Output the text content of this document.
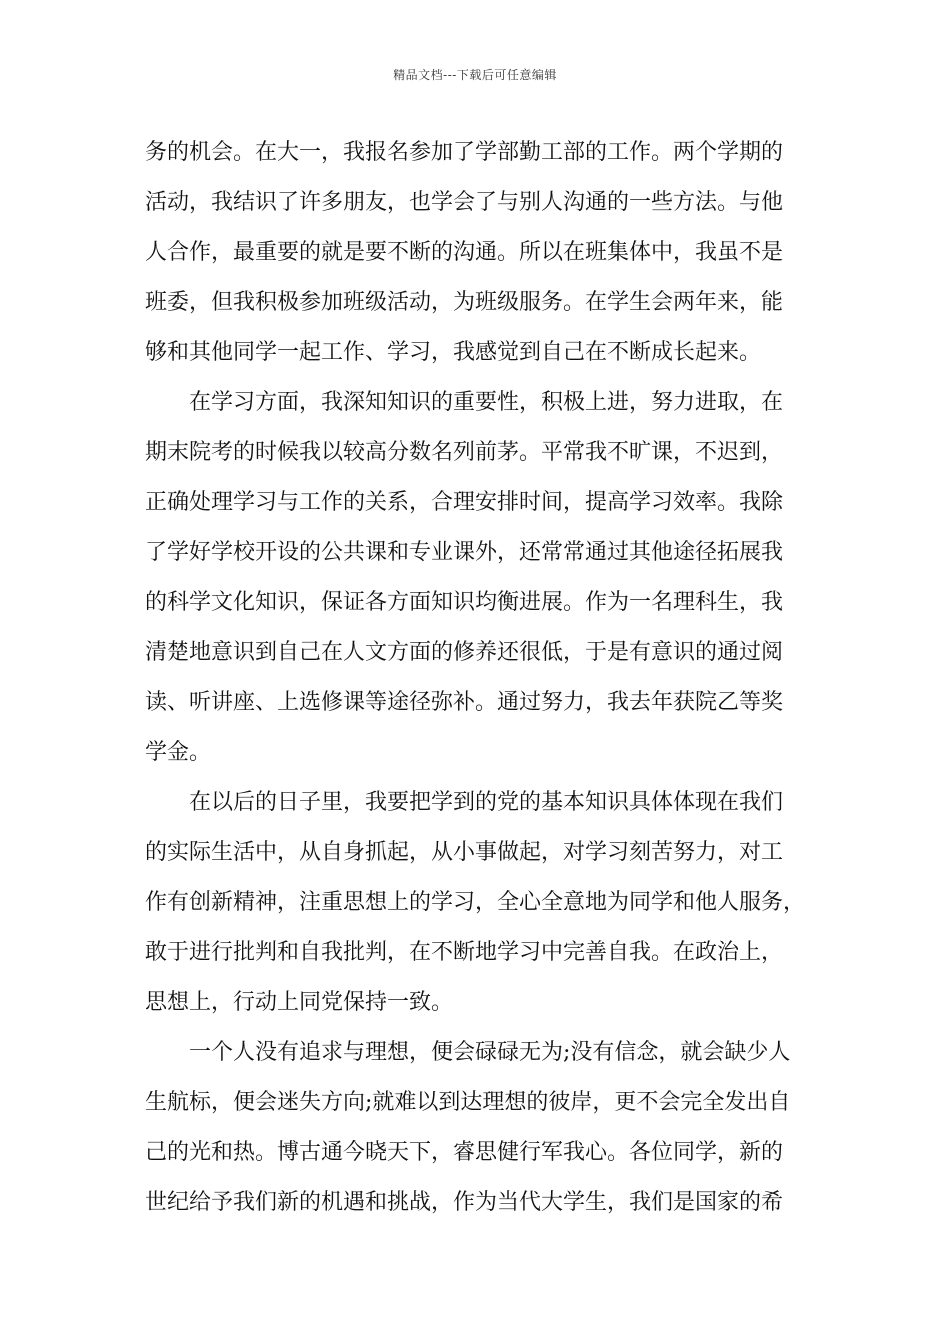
精品文档---下载后可任意编辑
务的机会。在大一，我报名参加了学部勤工部的工作。两个学期的
活动，我结识了许多朋友，也学会了与别人沟通的一些方法。与他
人合作，最重要的就是要不断的沟通。所以在班集体中，我虽不是
班委，但我积极参加班级活动，为班级服务。在学生会两年来，能
够和其他同学一起工作、学习，我感觉到自己在不断成长起来。
在学习方面，我深知知识的重要性，积极上进，努力进取，在
期末院考的时候我以较高分数名列前茅。平常我不旷课，不迟到，
正确处理学习与工作的关系，合理安排时间，提高学习效率。我除
了学好学校开设的公共课和专业课外，还常常通过其他途径拓展我
的科学文化知识，保证各方面知识均衡进展。作为一名理科生，我
清楚地意识到自己在人文方面的修养还很低，于是有意识的通过阅
读、听讲座、上选修课等途径弥补。通过努力，我去年获院乙等奖
学金。
在以后的日子里，我要把学到的党的基本知识具体体现在我们
的实际生活中，从自身抓起，从小事做起，对学习刻苦努力，对工
作有创新精神，注重思想上的学习，全心全意地为同学和他人服务，
敢于进行批判和自我批判，在不断地学习中完善自我。在政治上，
思想上，行动上同党保持一致。
一个人没有追求与理想，便会碌碌无为;没有信念，就会缺少人
生航标，便会迷失方向;就难以到达理想的彼岸，更不会完全发出自
己的光和热。博古通今晓天下，睿思健行军我心。各位同学，新的
世纪给予我们新的机遇和挑战，作为当代大学生，我们是国家的希
